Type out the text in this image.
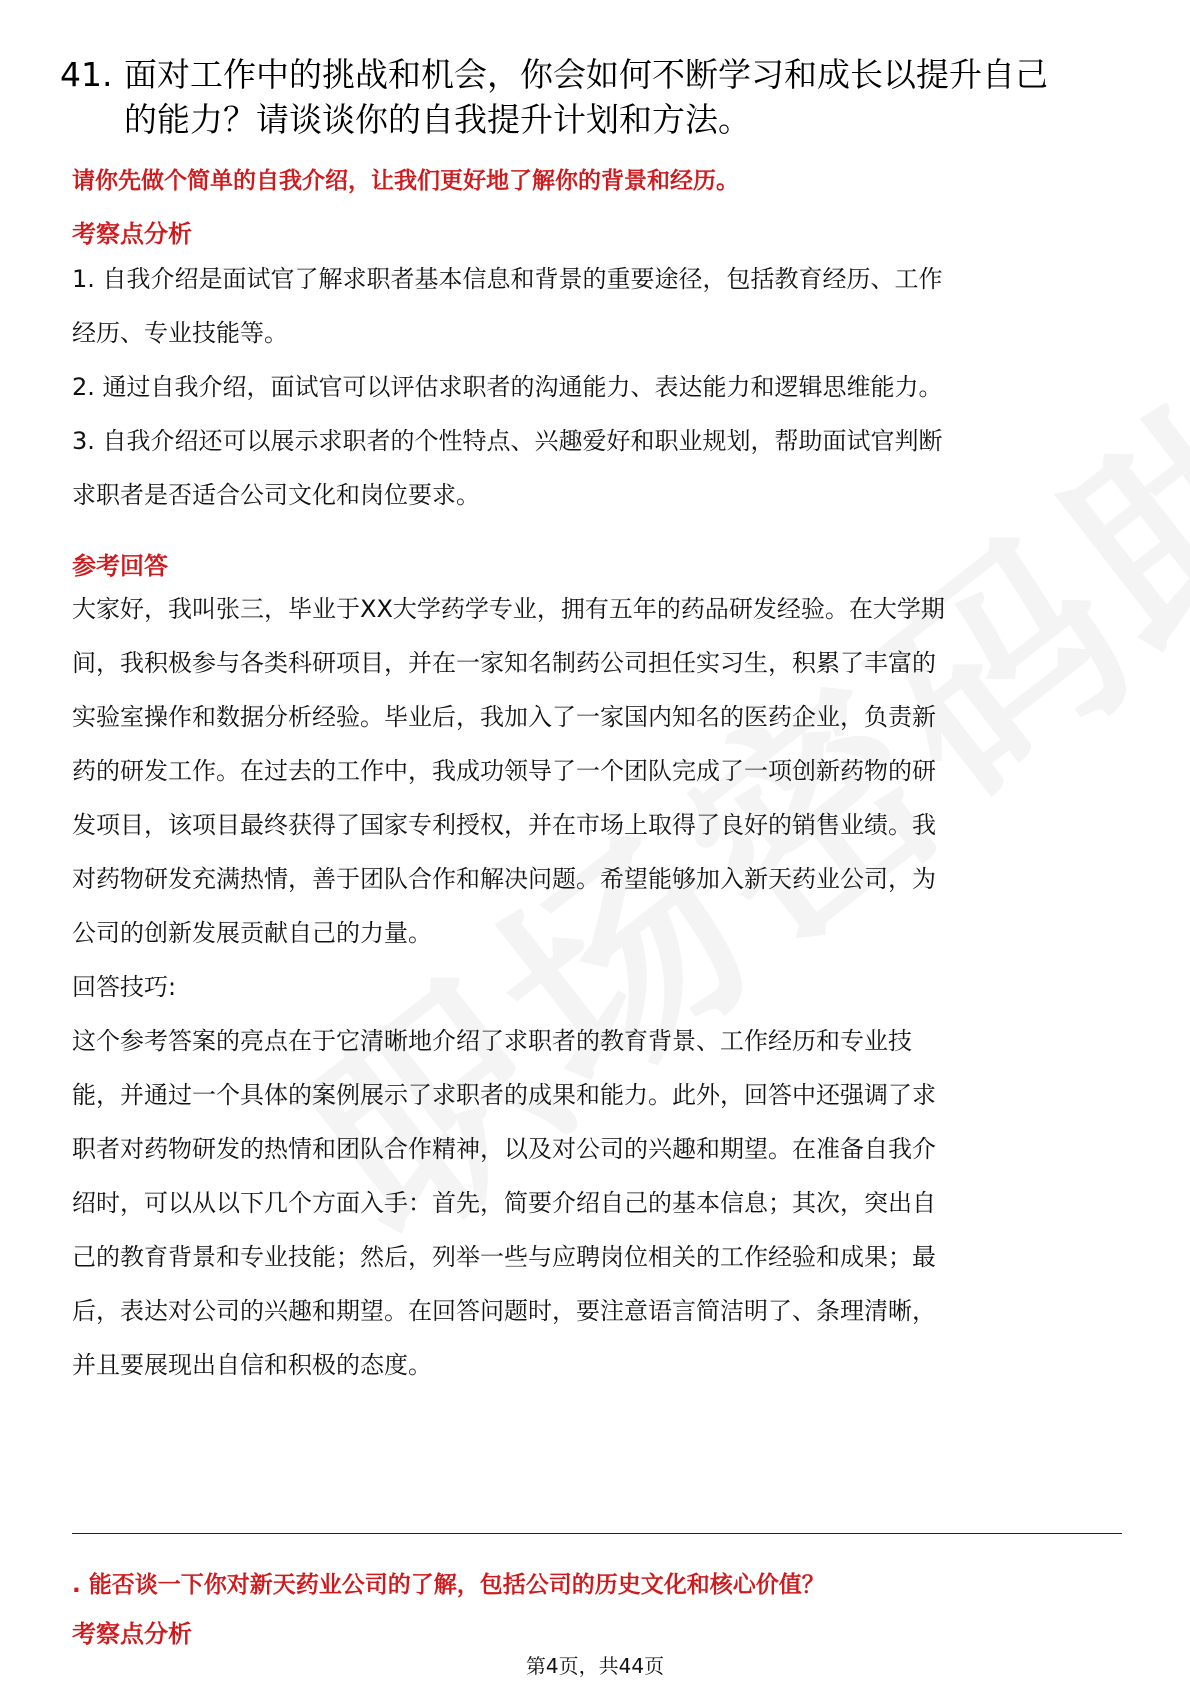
41. 面对工作中的挑战和机会，你会如何不断学习和成长以提升自己
的能力？请谈谈你的自我提升计划和方法。
请你先做个简单的自我介绍，让我们更好地了解你的背景和经历。
考察点分析
1. 自我介绍是面试官了解求职者基本信息和背景的重要途径，包括教育经历、工作
经历、专业技能等。
2. 通过自我介绍，面试官可以评估求职者的沟通能力、表达能力和逻辑思维能力。
3. 自我介绍还可以展示求职者的个性特点、兴趣爱好和职业规划，帮助面试官判断
求职者是否适合公司文化和岗位要求。
参考回答
大家好，我叫张三，毕业于XX大学药学专业，拥有五年的药品研发经验。在大学期
间，我积极参与各类科研项目，并在一家知名制药公司担任实习生，积累了丰富的
实验室操作和数据分析经验。毕业后，我加入了一家国内知名的医药企业，负责新
药的研发工作。在过去的工作中，我成功领导了一个团队完成了一项创新药物的研
发项目，该项目最终获得了国家专利授权，并在市场上取得了良好的销售业绩。我
对药物研发充满热情，善于团队合作和解决问题。希望能够加入新天药业公司，为
公司的创新发展贡献自己的力量。
回答技巧:
这个参考答案的亮点在于它清晰地介绍了求职者的教育背景、工作经历和专业技
能，并通过一个具体的案例展示了求职者的成果和能力。此外，回答中还强调了求
职者对药物研发的热情和团队合作精神，以及对公司的兴趣和期望。在准备自我介
绍时，可以从以下几个方面入手：首先，简要介绍自己的基本信息；其次，突出自
己的教育背景和专业技能；然后，列举一些与应聘岗位相关的工作经验和成果；最
后，表达对公司的兴趣和期望。在回答问题时，要注意语言简洁明了、条理清晰，
并且要展现出自信和积极的态度。
. 能否谈一下你对新天药业公司的了解，包括公司的历史文化和核心价值？
考察点分析
第4页，共44页
